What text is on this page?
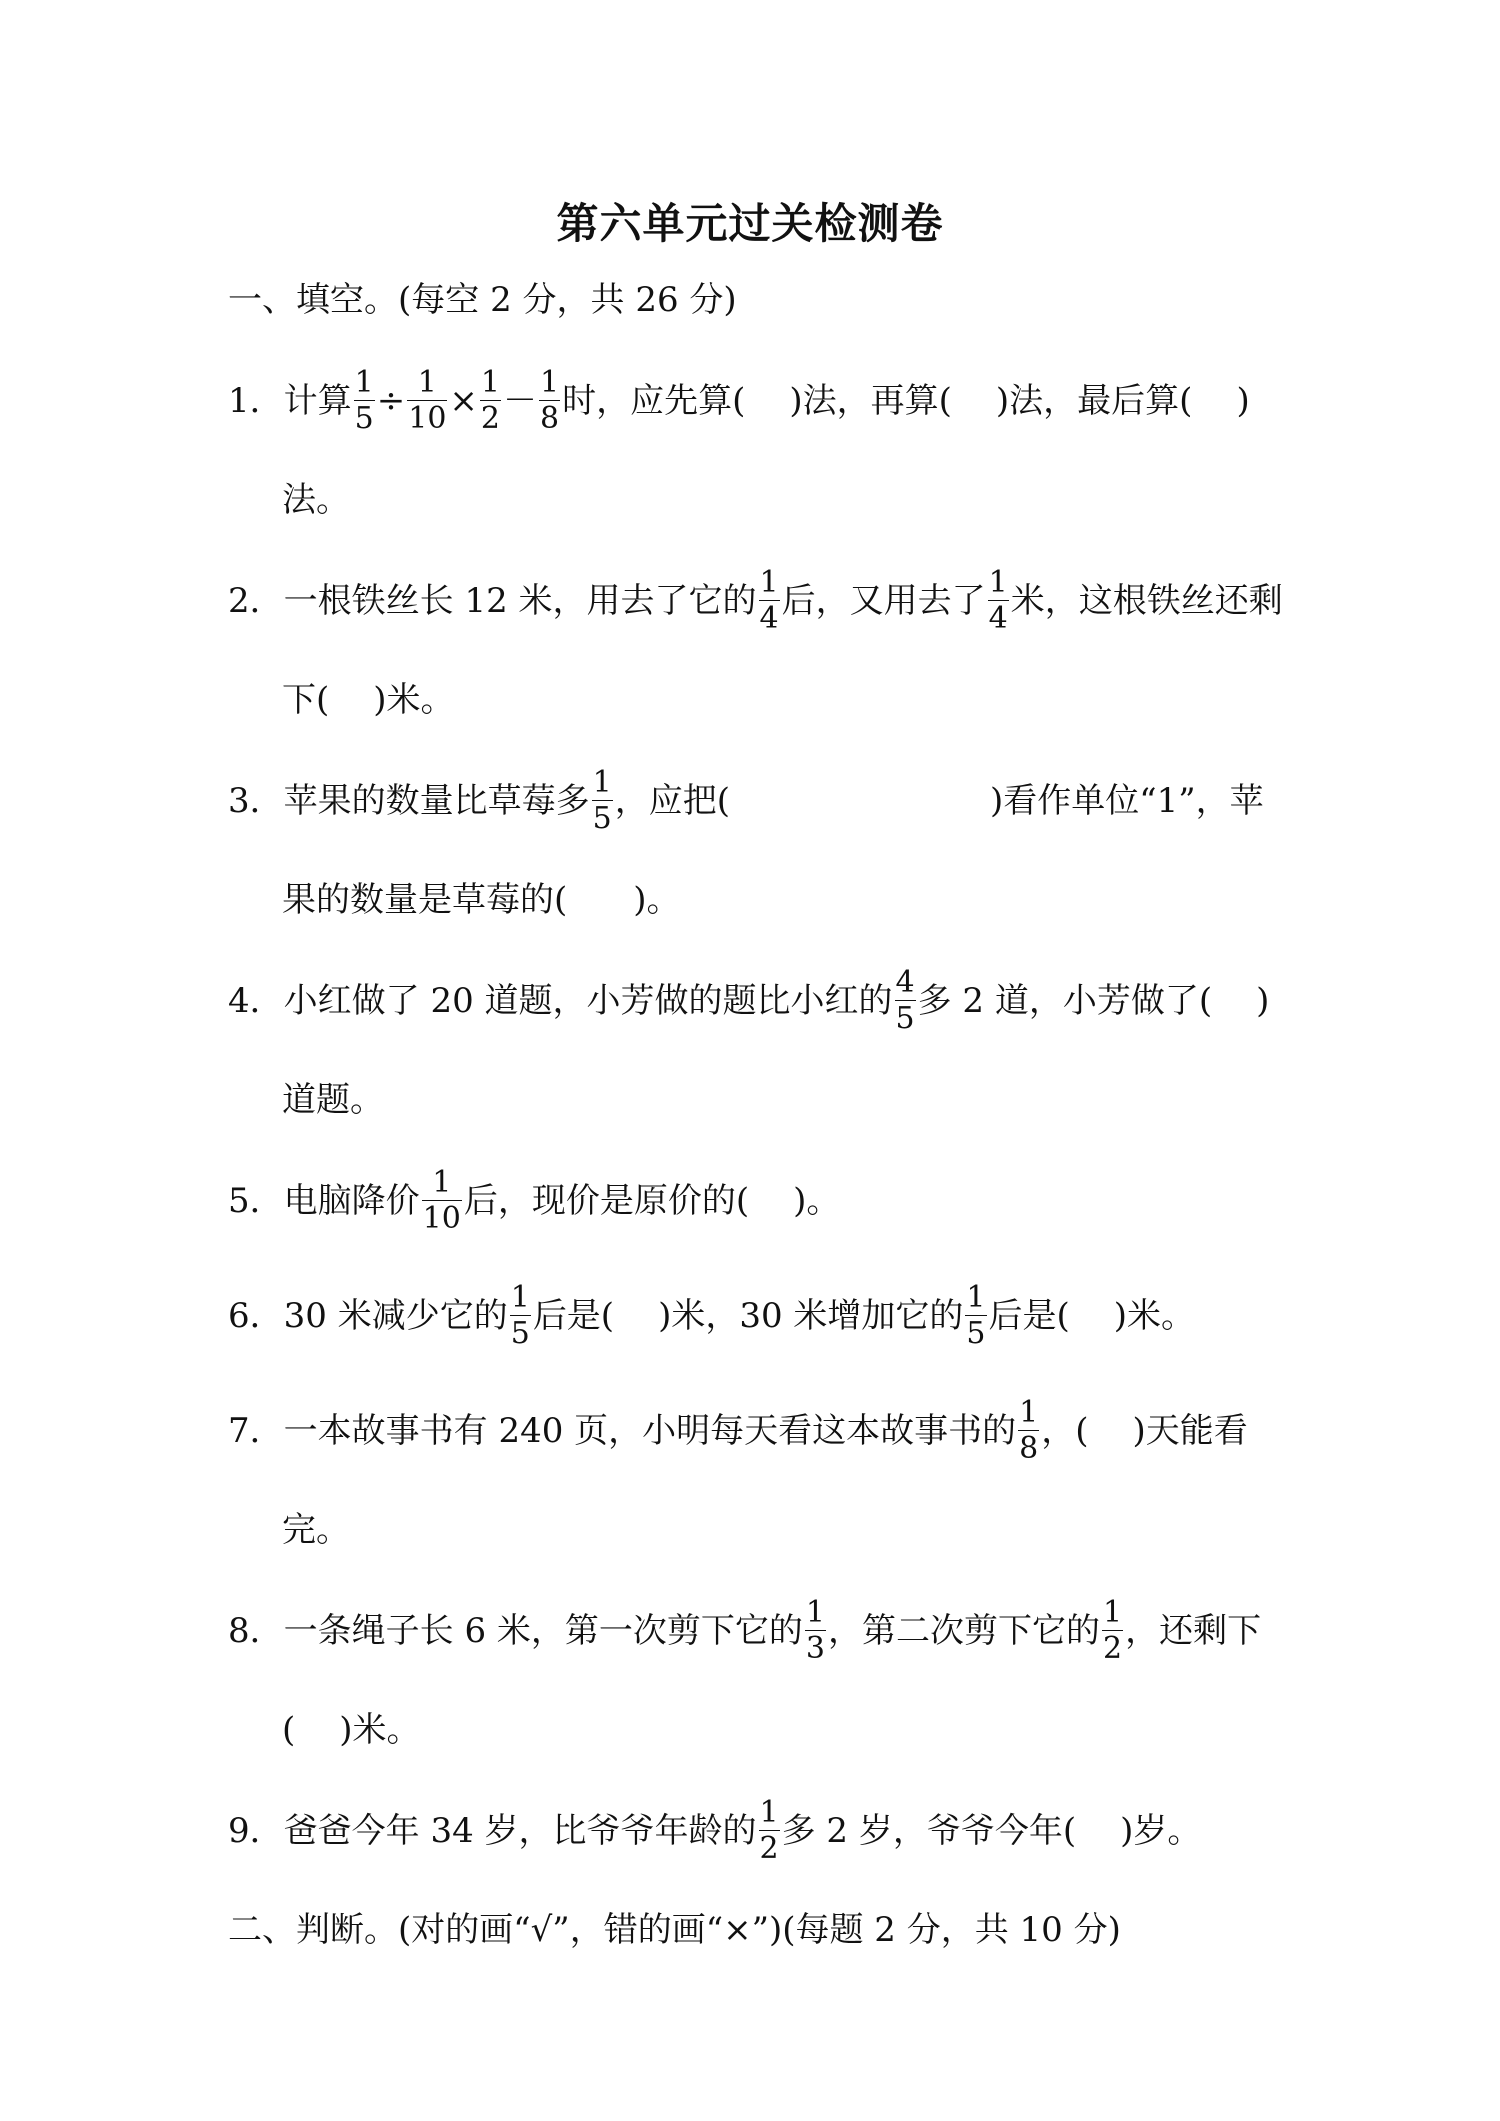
第六单元过关检测卷
一、填空。(每空 2 分，共 26 分)
1．计算 $\frac{1}{5} \div \frac{1}{10} \times \frac{1}{2} - \frac{1}{8}$ 时，应先算( )法，再算( )法，最后算( )
法。
2．一根铁丝长 12 米，用去了它的 $\frac{1}{4}$ 后，又用去了 $\frac{1}{4}$ 米，这根铁丝还剩
下( )米。
3．苹果的数量比草莓多 $\frac{1}{5}$ ，应把(	)看作单位“1”，苹
果的数量是草莓的( )。
4．小红做了 20 道题，小芳做的题比小红的 $\frac{4}{5}$ 多 2 道，小芳做了( )
道题。
5．电脑降价 $\frac{1}{10}$ 后，现价是原价的( )。
6．30 米减少它的 $\frac{1}{5}$ 后是( )米，30 米增加它的 $\frac{1}{5}$ 后是( )米。
7．一本故事书有 240 页，小明每天看这本故事书的 $\frac{1}{8}$ ，( )天能看
完。
8．一条绳子长 6 米，第一次剪下它的 $\frac{1}{3}$ ，第二次剪下它的 $\frac{1}{2}$ ，还剩下
( )米。
9．爸爸今年 34 岁，比爷爷年龄的 $\frac{1}{2}$ 多 2 岁，爷爷今年( )岁。
二、判断。(对的画“√”，错的画“×”)(每题 2 分，共 10 分)
